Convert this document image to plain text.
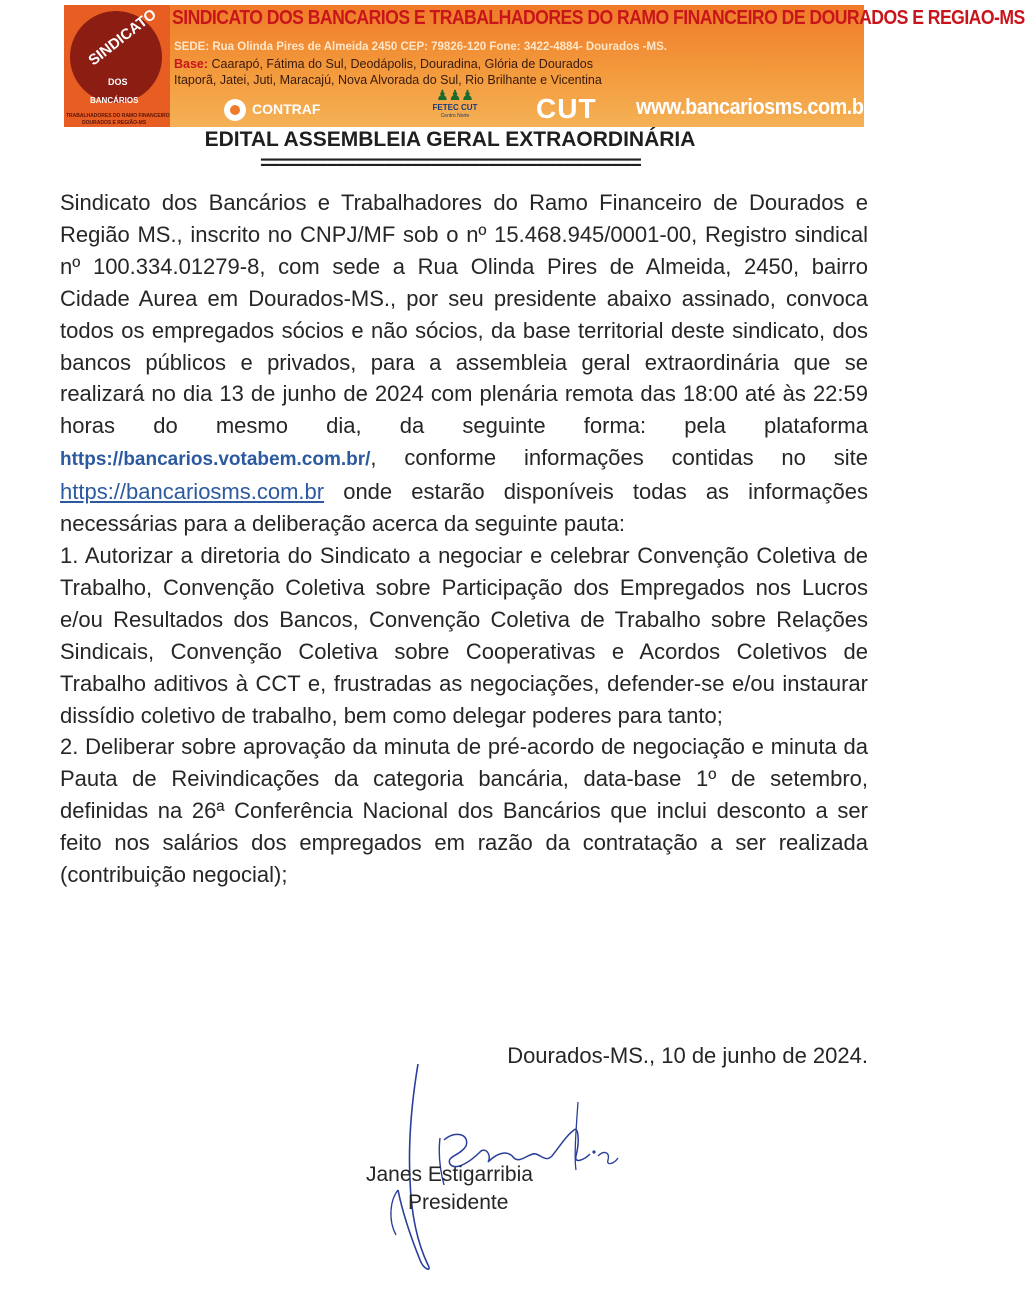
SINDICATO
DOS
BANCÁRIOS
TRABALHADORES DO RAMO FINANCEIRO
DOURADOS E REGIÃO-MS
SINDICATO DOS BANCARIOS E TRABALHADORES DO RAMO FINANCEIRO DE DOURADOS E REGIAO-MS
SEDE: Rua Olinda Pires de Almeida 2450 CEP: 79826-120 Fone: 3422-4884- Dourados -MS.
Base: Caarapó, Fátima do Sul, Deodápolis, Douradina, Glória de Dourados
Itaporã, Jatei, Juti, Maracajú, Nova Alvorada do Sul, Rio Brilhante e Vicentina
CONTRAF
♟♟♟
FETEC CUT
Centro Norte	CUT www.bancariosms.com.br
EDITAL ASSEMBLEIA GERAL EXTRAORDINÁRIA
========================================

Sindicato dos Bancários e Trabalhadores do Ramo Financeiro de Dourados e Região MS., inscrito no CNPJ/MF sob o nº 15.468.945/0001-00, Registro sindical nº 100.334.01279-8, com sede a Rua Olinda Pires de Almeida, 2450, bairro Cidade Aurea em Dourados-MS., por seu presidente abaixo assinado, convoca todos os empregados sócios e não sócios, da base territorial deste sindicato, dos bancos públicos e privados, para a assembleia geral extraordinária que se realizará no dia 13 de junho de 2024 com plenária remota das 18:00 até às 22:59 horas do mesmo dia, da seguinte forma: pela plataforma https://bancarios.votabem.com.br/, conforme informações contidas no site https://bancariosms.com.br onde estarão disponíveis todas as informações necessárias para a deliberação acerca da seguinte pauta:

1. Autorizar a diretoria do Sindicato a negociar e celebrar Convenção Coletiva de Trabalho, Convenção Coletiva sobre Participação dos Empregados nos Lucros e/ou Resultados dos Bancos, Convenção Coletiva de Trabalho sobre Relações Sindicais, Convenção Coletiva sobre Cooperativas e Acordos Coletivos de Trabalho aditivos à CCT e, frustradas as negociações, defender-se e/ou instaurar dissídio coletivo de trabalho, bem como delegar poderes para tanto;

2. Deliberar sobre aprovação da minuta de pré-acordo de negociação e minuta da Pauta de Reivindicações da categoria bancária, data-base 1º de setembro, definidas na 26ª Conferência Nacional dos Bancários que inclui desconto a ser feito nos salários dos empregados em razão da contratação a ser realizada (contribuição negocial);

Dourados-MS., 10 de junho de 2024.
Janes Estigarribia
Presidente
